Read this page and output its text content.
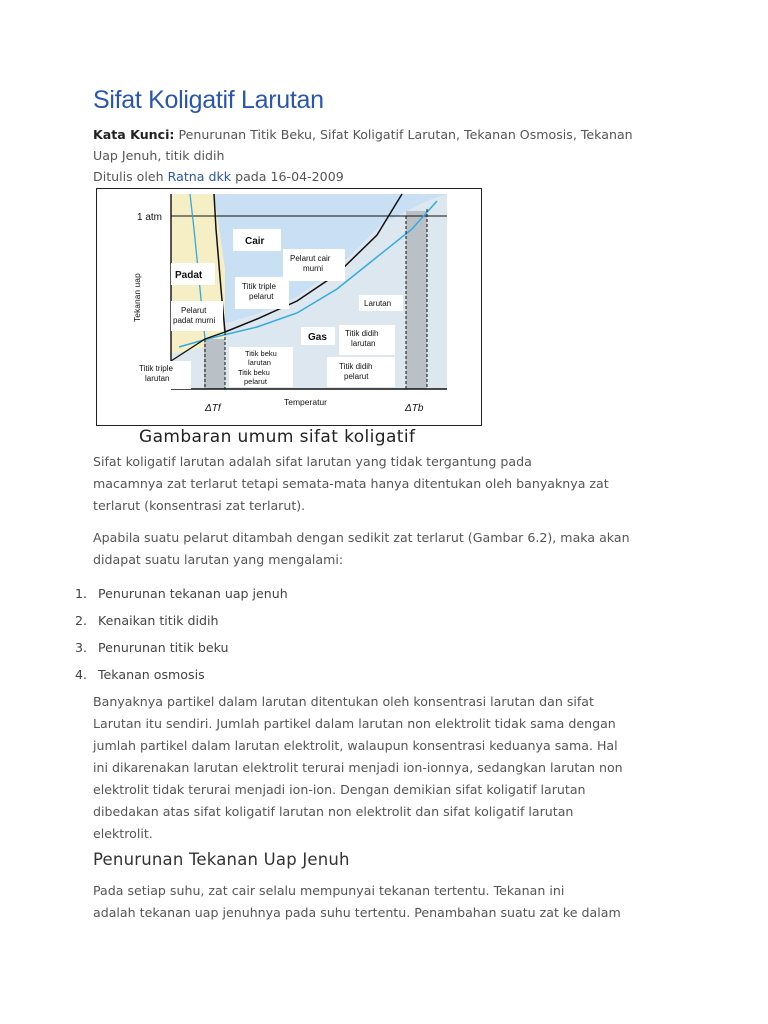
Sifat Koligatif Larutan
Kata Kunci: Penurunan Titik Beku, Sifat Koligatif Larutan, Tekanan Osmosis, Tekanan
Uap Jenuh, titik didih
Ditulis oleh Ratna dkk pada 16-04-2009
1 atm
Tekanan uap
Cair
Padat
Pelarut cair
murni
Titik triple
pelarut
Larutan
Pelarut
padat murni
Gas Titik didih
larutan
Titik didih
pelarut
Titik beku
larutan
Titik beku
pelarut
Titik triple
larutan
ΔTf
Temperatur
ΔTb
Gambaran umum sifat koligatif
Sifat koligatif larutan adalah sifat larutan yang tidak tergantung pada
macamnya zat terlarut tetapi semata-mata hanya ditentukan oleh banyaknya zat
terlarut (konsentrasi zat terlarut).
Apabila suatu pelarut ditambah dengan sedikit zat terlarut (Gambar 6.2), maka akan
didapat suatu larutan yang mengalami:
1. Penurunan tekanan uap jenuh
2. Kenaikan titik didih
3. Penurunan titik beku
4. Tekanan osmosis
Banyaknya partikel dalam larutan ditentukan oleh konsentrasi larutan dan sifat
Larutan itu sendiri. Jumlah partikel dalam larutan non elektrolit tidak sama dengan
jumlah partikel dalam larutan elektrolit, walaupun konsentrasi keduanya sama. Hal
ini dikarenakan larutan elektrolit terurai menjadi ion-ionnya, sedangkan larutan non
elektrolit tidak terurai menjadi ion-ion. Dengan demikian sifat koligatif larutan
dibedakan atas sifat koligatif larutan non elektrolit dan sifat koligatif larutan
elektrolit.
Penurunan Tekanan Uap Jenuh
Pada setiap suhu, zat cair selalu mempunyai tekanan tertentu. Tekanan ini
adalah tekanan uap jenuhnya pada suhu tertentu. Penambahan suatu zat ke dalam
